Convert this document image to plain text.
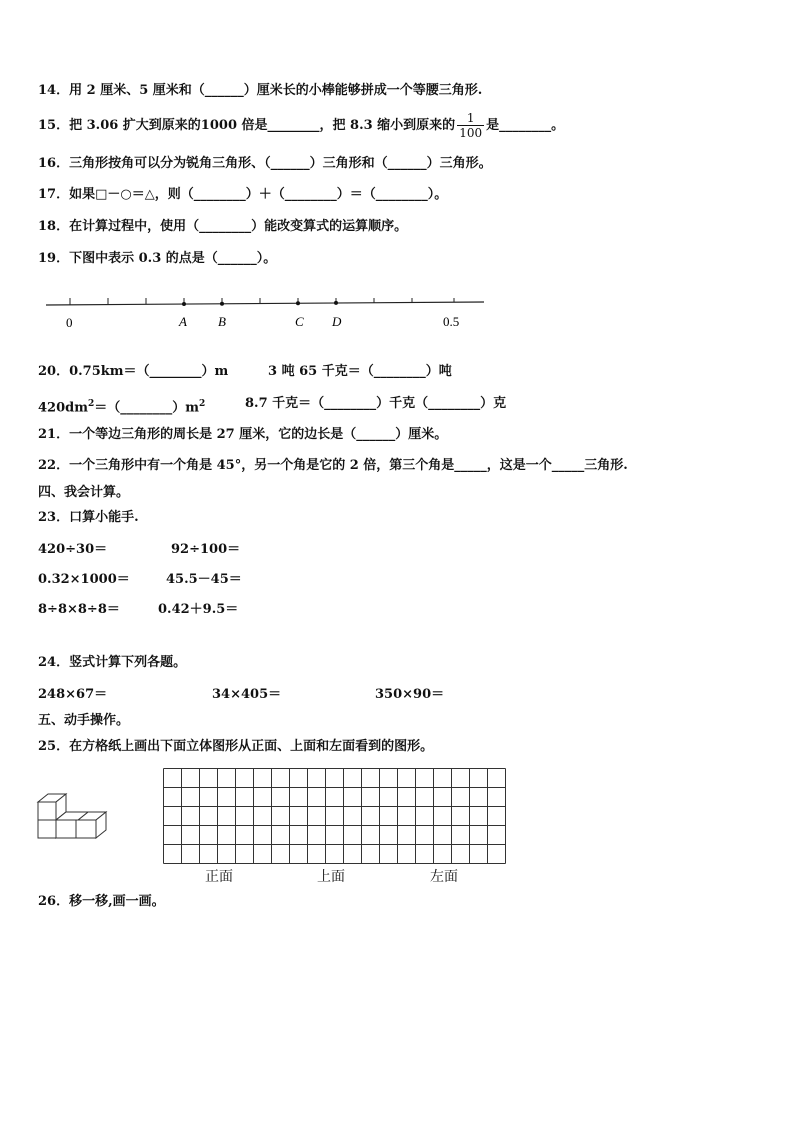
14．用 2 厘米、5 厘米和（______）厘米长的小棒能够拼成一个等腰三角形.
15．把 3.06 扩大到原来的1000 倍是________，把 8.3 缩小到原来的 $\frac{1}{100}$ 是________。
16．三角形按角可以分为锐角三角形、（______）三角形和（______）三角形。
17．如果□－○＝△，则（________）＋（________）＝（________）。
18．在计算过程中，使用（________）能改变算式的运算顺序。
19．下图中表示 0.3 的点是（______）。
0	A B	C D	0.5
20．0.75km＝（________）m	3 吨 65 千克＝（________）吨
$420dm^2=(\_\_\_\_\_\_\_\_)m^2$	8.7 千克＝（________）千克（________）克
21．一个等边三角形的周长是 27 厘米，它的边长是（______）厘米。
22．一个三角形中有一个角是 45°，另一个角是它的 2 倍，第三个角是_____，这是一个_____三角形.
四、我会计算。
23．口算小能手.
420÷30＝	92÷100＝
0.32×1000＝	45.5－45＝
8÷8×8÷8＝	0.42＋9.5＝
24．竖式计算下列各题。
248×67＝	34×405＝	350×90＝
五、动手操作。
25．在方格纸上画出下面立体图形从正面、上面和左面看到的图形。
正面	上面	左面
26．移一移,画一画。
